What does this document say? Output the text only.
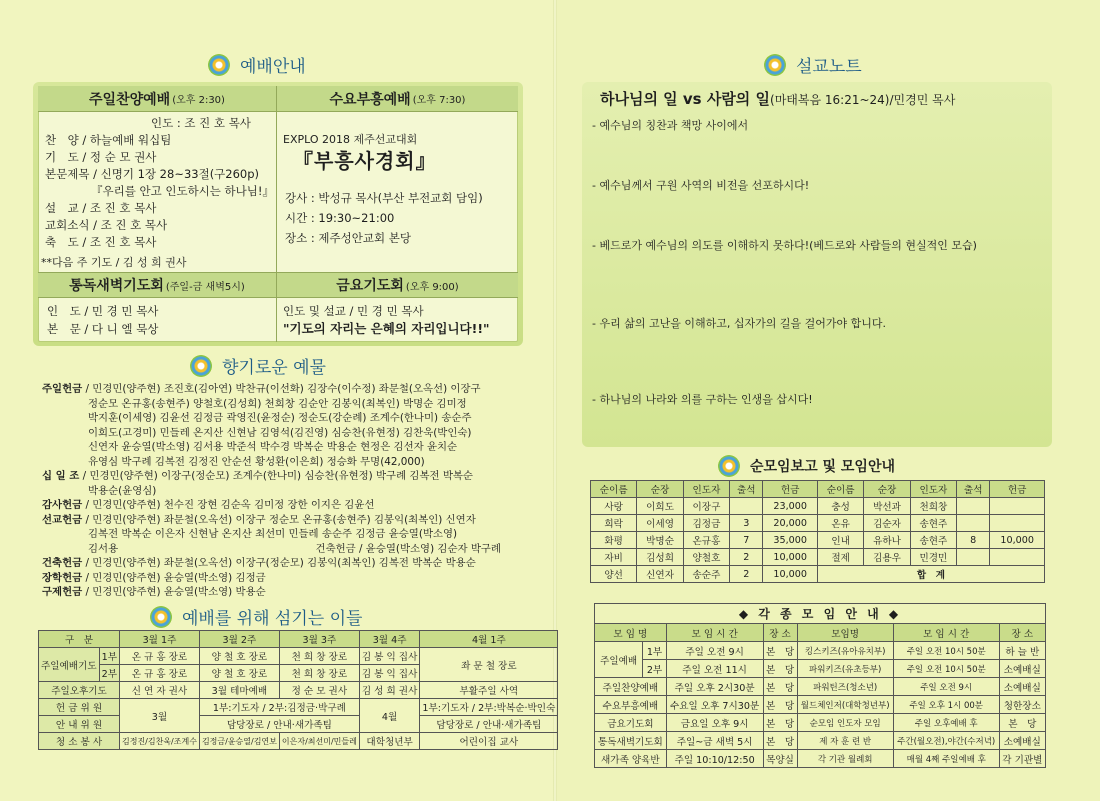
예배안내
주일찬양예배 (오후 2:30)	수요부흥예배 (오후 7:30)
인도 : 조 진 호 목사
찬　양 / 하늘예배 워십팀
기　도 / 정 순 모 권사
본문제목 / 신명기 1장 28~33절(구260p)
『우리를 안고 인도하시는 하나님!』
설　교 / 조 진 호 목사
교회소식 / 조 진 호 목사
축　도 / 조 진 호 목사
**다음 주 기도 / 김 성 희 권사
EXPLO 2018 제주선교대회
『부흥사경회』
강사 : 박성규 목사(부산 부전교회 담임)
시간 : 19:30~21:00
장소 : 제주성안교회 본당
통독새벽기도회 (주일-금 새벽5시)	금요기도회 (오후 9:00)
인　도 / 민 경 민 목사
본　문 / 다 니 엘 묵상
인도 및 설교 / 민 경 민 목사
"기도의 자리는 은혜의 자리입니다!!"
향기로운 예물
주일헌금 / 민경민(양주현) 조진호(김아연) 박찬규(이선화) 김장수(이수정) 좌문철(오옥선) 이장구
정순모 온규홍(송현주) 양철호(김성희) 천희창 김순안 김봉익(최복인) 박명순 김미정
박지훈(이세영) 김윤선 김정금 곽영진(윤정순) 정순도(강순례) 조계수(한나미) 송순주
이희도(고경미) 민들레 온지산 신현남 김영석(김진영) 심승찬(유현정) 김찬욱(박인숙)
신연자 윤승열(박소영) 김서용 박준석 박수경 박복순 박용순 현정은 김선자 윤치순
유영심 박구례 김복전 김정진 안순선 황성환(이은희) 정승화 무명(42,000)
십 일 조 / 민경민(양주현) 이장구(정순모) 조계수(한나미) 심승찬(유현정) 박구례 김복전 박복순
박용순(윤영심)
감사헌금 / 민경민(양주현) 천수진 장현 김순옥 김미정 장한 이지은 김윤선
선교헌금 / 민경민(양주현) 좌문철(오옥선) 이장구 정순모 온규홍(송현주) 김봉익(최복인) 신연자
김복전 박복순 이은자 신현남 온지산 최선미 민들레 송순주 김정금 윤승열(박소영)
김서용　　　　　　　　　　　　　　　　　　　건축헌금 / 윤승열(박소영) 김순자 박구례
건축헌금 / 민경민(양주현) 좌문철(오옥선) 이장구(정순모) 김봉익(최복인) 김복전 박복순 박용순
장학헌금 / 민경민(양주현) 윤승열(박소영) 김정금
구제헌금 / 민경민(양주현) 윤승열(박소영) 박용순
예배를 위해 섬기는 이들
구　분		3월 1주	3월 2주	3월 3주	3월 4주	4월 1주
주일예배기도	1부	온 규 홍 장로	양 철 호 장로	천 희 창 장로	김 봉 익 집사	좌 문 철 장로
	2부	온 규 홍 장로	양 철 호 장로	천 희 창 장로	김 봉 익 집사	
주일오후기도		신 연 자 권사	3월 테마예배	정 순 모 권사	김 성 희 권사	부활주일 사역
헌 금 위 원		3월	1부:기도자 / 2부:김정금·박구례		4월	1부:기도자 / 2부:박복순·박인숙
안 내 위 원			담당장로 / 안내·새가족팀			담당장로 / 안내·새가족팀
청 소 봉 사		김정진/김찬욱/조계수	김정금/윤승열/김연보	이은자/최선미/민들레	대학청년부	어린이집 교사
설교노트
하나님의 일 vs 사람의 일(마태복음 16:21~24)/민경민 목사
- 예수님의 칭찬과 책망 사이에서
- 예수님께서 구원 사역의 비전을 선포하시다!
- 베드로가 예수님의 의도를 이해하지 못하다!(베드로와 사람들의 현실적인 모습)
- 우리 삶의 고난을 이해하고, 십자가의 길을 걸어가야 합니다.
- 하나님의 나라와 의를 구하는 인생을 삽시다!
순모임보고 및 모임안내
순이름	순장	인도자	출석	헌금	순이름	순장	인도자	출석	헌금
사랑	이희도	이장구		23,000	충성	박선과	천희창		
희락	이세영	김정금	3	20,000	온유	김순자	송현주		
화평	박명순	온규홍	7	35,000	인내	유하나	송현주	8	10,000
자비	김성희	양철호	2	10,000	절제	김용우	민경민		
양선	신연자	송순주	2	10,000	합　계				
◆ 각 종 모 임 안 내 ◆						
모 임 명		모 임 시 간	장 소	모임명	모 임 시 간	장 소
주일예배	1부	주일 오전 9시	본　당	킹스키즈(유아유치부)	주일 오전 10시 50분	하 늘 반
	2부	주일 오전 11시	본　당	파워키즈(유초등부)	주일 오전 10시 50분	소예배실
주일찬양예배		주일 오후 2시30분	본　당	파워틴즈(청소년)	주일 오전 9시	소예배실
수요부흥예배		수요일 오후 7시30분	본　당	월드체인저(대학청년부)	주일 오후 1시 00분	청한장소
금요기도회		금요일 오후 9시	본　당	순모임 인도자 모임	주일 오후예배 후	본　당
통독새벽기도회		주일~금 새벽 5시	본　당	제 자 훈 련 반	주간(월오전),야간(수저녁)	소예배실
새가족 양육반		주일 10:10/12:50	목양실	각 기관 월례회	매월 4째 주일예배 후	각 기관별
